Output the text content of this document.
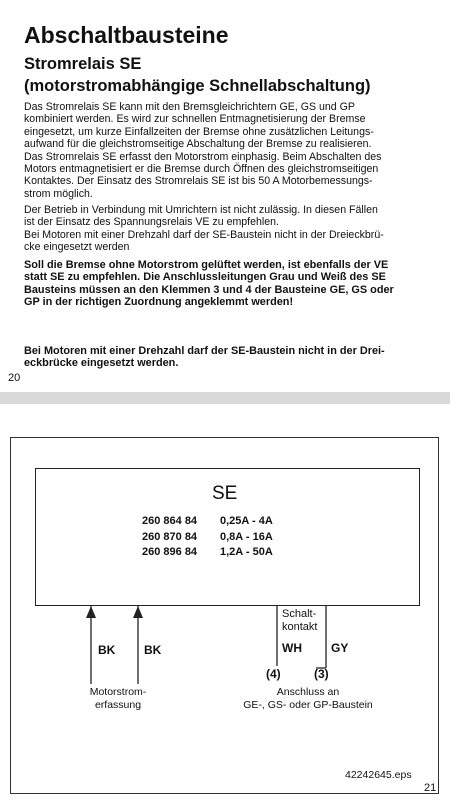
Abschaltbausteine
Stromrelais SE
(motorstromabhängige Schnellabschaltung)
Das Stromrelais SE kann mit den Bremsgleichrichtern GE, GS und GP
kombiniert werden. Es wird zur schnellen Entmagnetisierung der Bremse
eingesetzt, um kurze Einfallzeiten der Bremse ohne zusätzlichen Leitungs-
aufwand für die gleichstromseitige Abschaltung der Bremse zu realisieren.
Das Stromrelais SE erfasst den Motorstrom einphasig. Beim Abschalten des
Motors entmagnetisiert er die Bremse durch Öffnen des gleichstromseitigen
Kontaktes. Der Einsatz des Stromrelais SE ist bis 50 A Motorbemessungs-
strom möglich.
Der Betrieb in Verbindung mit Umrichtern ist nicht zulässig. In diesen Fällen
ist der Einsatz des Spannungsrelais VE zu empfehlen.
Bei Motoren mit einer Drehzahl darf der SE-Baustein nicht in der Dreieckbrü-
cke eingesetzt werden
Soll die Bremse ohne Motorstrom gelüftet werden, ist ebenfalls der VE
statt SE zu empfehlen. Die Anschlussleitungen Grau und Weiß des SE
Bausteins müssen an den Klemmen 3 und 4 der Bausteine GE, GS oder
GP in der richtigen Zuordnung angeklemmt werden!
Bei Motoren mit einer Drehzahl darf der SE-Baustein nicht in der Drei-
eckbrücke eingesetzt werden.
20
SE
260 864 84 0,25A - 4A
260 870 84 0,8A - 16A
260 896 84 1,2A - 50A
Schalt-
kontakt
BK BK	WH GY
(4)	(3)
Motorstrom-
erfassung
Anschluss an
GE-, GS- oder GP-Baustein
42242645.eps
21
